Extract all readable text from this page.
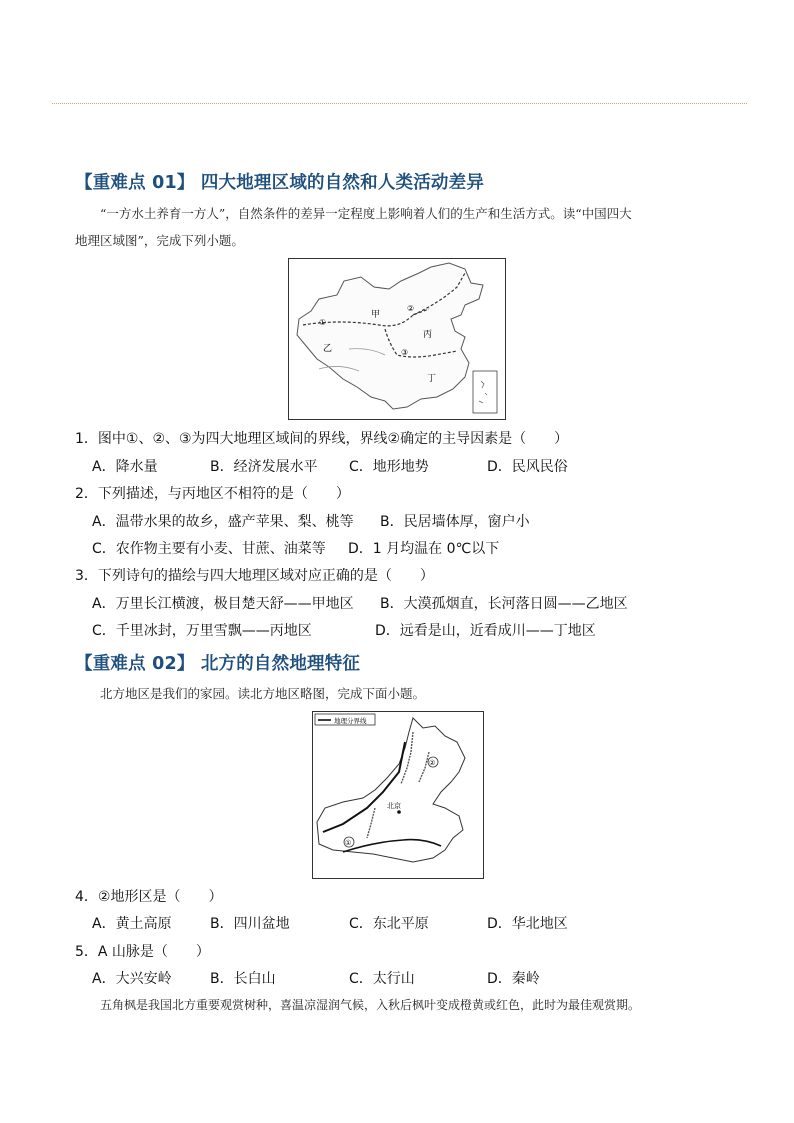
【重难点 01】 四大地理区域的自然和人类活动差异
“一方水土养育一方人”，自然条件的差异一定程度上影响着人们的生产和生活方式。读“中国四大
地理区域图”，完成下列小题。
甲
乙
丙
丁
①
②
③
1．图中①、②、③为四大地理区域间的界线，界线②确定的主导因素是（　　）
A．降水量	B．经济发展水平 C．地形地势	D．民风民俗
2．下列描述，与丙地区不相符的是（　　）
A．温带水果的故乡，盛产苹果、梨、桃等 B．民居墙体厚，窗户小
C．农作物主要有小麦、甘蔗、油菜等 D．1 月均温在 0℃以下
3．下列诗句的描绘与四大地理区域对应正确的是（　　）
A．万里长江横渡，极目楚天舒——甲地区 B．大漠孤烟直，长河落日圆——乙地区
C．千里冰封，万里雪飘——丙地区	D．远看是山，近看成川——丁地区
【重难点 02】 北方的自然地理特征
北方地区是我们的家园。读北方地区略图，完成下面小题。
地理分界线
②
①
北京
4．②地形区是（　　）
A．黄土高原	B．四川盆地	C．东北平原	D．华北地区
5．A 山脉是（　　）
A．大兴安岭	B．长白山	C．太行山	D．秦岭
五角枫是我国北方重要观赏树种，喜温凉湿润气候，入秋后枫叶变成橙黄或红色，此时为最佳观赏期。
